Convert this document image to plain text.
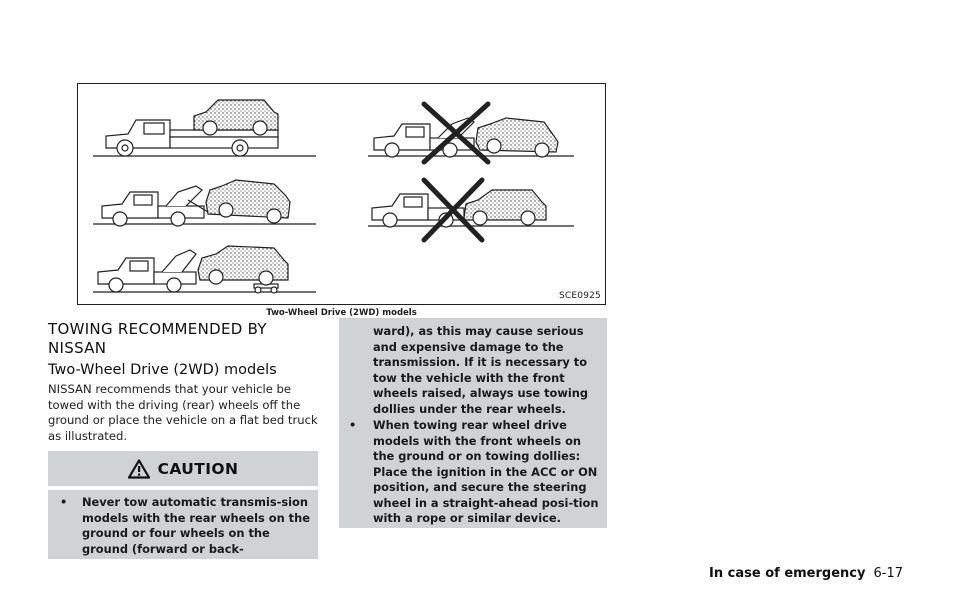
SCE0925
Two-Wheel Drive (2WD) models
TOWING RECOMMENDED BY NISSAN
Two-Wheel Drive (2WD) models
NISSAN recommends that your vehicle be towed with the driving (rear) wheels off the ground or place the vehicle on a flat bed truck as illustrated.
CAUTION
•	Never tow automatic transmis-sion models with the rear wheels on the ground or four wheels on the ground (forward or back-
ward), as this may cause serious and expensive damage to the transmission. If it is necessary to tow the vehicle with the front wheels raised, always use towing dollies under the rear wheels.
•	When towing rear wheel drive models with the front wheels on the ground or on towing dollies: Place the ignition in the ACC or ON position, and secure the steering wheel in a straight-ahead posi-tion with a rope or similar device.
In case of emergency 6-17
